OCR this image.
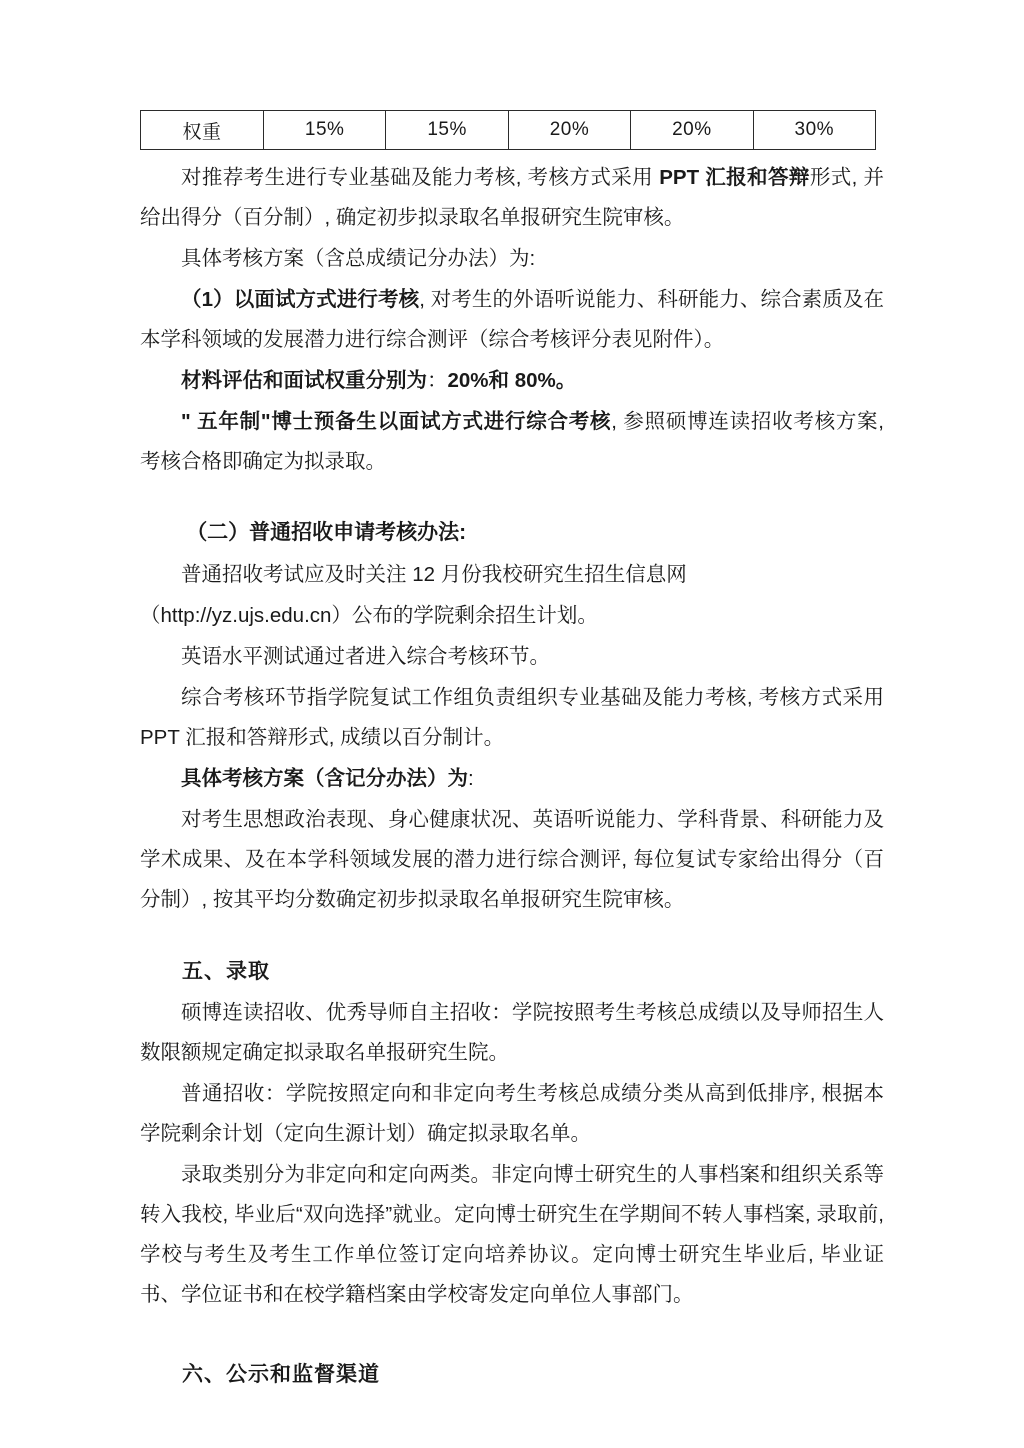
权重	15%	15%	20%	20%	30%

对推荐考生进行专业基础及能力考核, 考核方式采用 PPT 汇报和答辩形式, 并给出得分（百分制）, 确定初步拟录取名单报研究生院审核。

具体考核方案（含总成绩记分办法）为:

（1）以面试方式进行考核, 对考生的外语听说能力、科研能力、综合素质及在本学科领域的发展潜力进行综合测评（综合考核评分表见附件）。

材料评估和面试权重分别为：20%和 80%。

" 五年制"博士预备生以面试方式进行综合考核, 参照硕博连读招收考核方案, 考核合格即确定为拟录取。

（二）普通招收申请考核办法:

普通招收考试应及时关注 12 月份我校研究生招生信息网

（http://yz.ujs.edu.cn）公布的学院剩余招生计划。

英语水平测试通过者进入综合考核环节。

综合考核环节指学院复试工作组负责组织专业基础及能力考核, 考核方式采用 PPT 汇报和答辩形式, 成绩以百分制计。

具体考核方案（含记分办法）为:

对考生思想政治表现、身心健康状况、英语听说能力、学科背景、科研能力及学术成果、及在本学科领域发展的潜力进行综合测评, 每位复试专家给出得分（百分制）, 按其平均分数确定初步拟录取名单报研究生院审核。

五、录取

硕博连读招收、优秀导师自主招收：学院按照考生考核总成绩以及导师招生人数限额规定确定拟录取名单报研究生院。

普通招收：学院按照定向和非定向考生考核总成绩分类从高到低排序, 根据本学院剩余计划（定向生源计划）确定拟录取名单。

录取类别分为非定向和定向两类。非定向博士研究生的人事档案和组织关系等转入我校, 毕业后“双向选择”就业。定向博士研究生在学期间不转人事档案, 录取前, 学校与考生及考生工作单位签订定向培养协议。定向博士研究生毕业后, 毕业证书、学位证书和在校学籍档案由学校寄发定向单位人事部门。

六、公示和监督渠道
